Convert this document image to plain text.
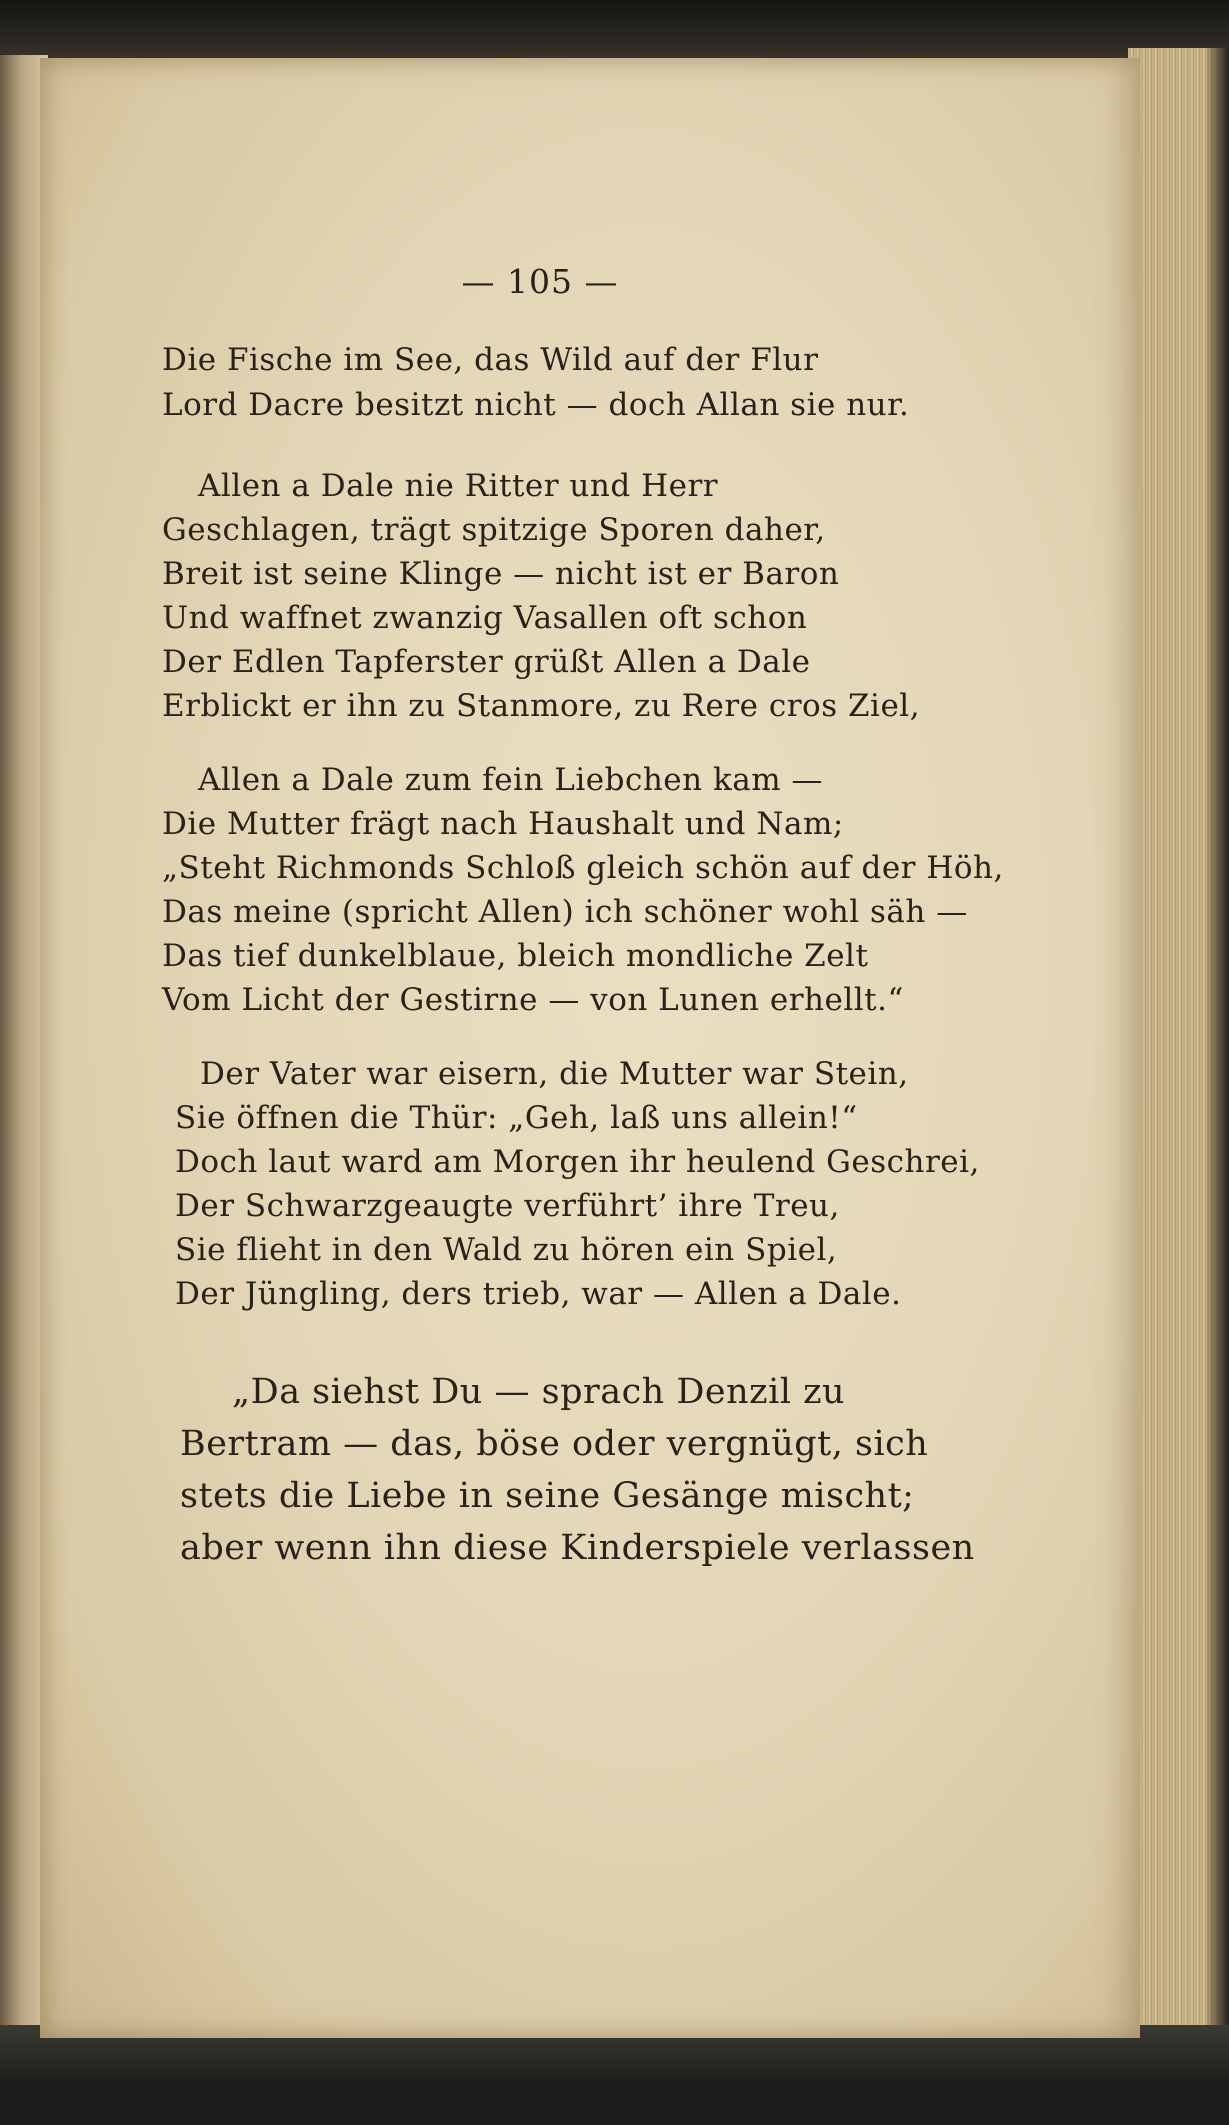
— 105 —
Die Fische im See, das Wild auf der Flur
Lord Dacre besitzt nicht — doch Allan sie nur.
Allen a Dale nie Ritter und Herr
Geschlagen, trägt spitzige Sporen daher,
Breit ist seine Klinge — nicht ist er Baron
Und waffnet zwanzig Vasallen oft schon
Der Edlen Tapferster grüßt Allen a Dale
Erblickt er ihn zu Stanmore, zu Rere cros Ziel,
Allen a Dale zum fein Liebchen kam —
Die Mutter frägt nach Haushalt und Nam;
„Steht Richmonds Schloß gleich schön auf der Höh,
Das meine (spricht Allen) ich schöner wohl säh —
Das tief dunkelblaue, bleich mondliche Zelt
Vom Licht der Gestirne — von Lunen erhellt.“
Der Vater war eisern, die Mutter war Stein,
Sie öffnen die Thür: „Geh, laß uns allein!“
Doch laut ward am Morgen ihr heulend Geschrei,
Der Schwarzgeaugte verführt’ ihre Treu,
Sie flieht in den Wald zu hören ein Spiel,
Der Jüngling, ders trieb, war — Allen a Dale.
„Da siehst Du — sprach Denzil zu
Bertram — das, böse oder vergnügt, sich
stets die Liebe in seine Gesänge mischt;
aber wenn ihn diese Kinderspiele verlassen
